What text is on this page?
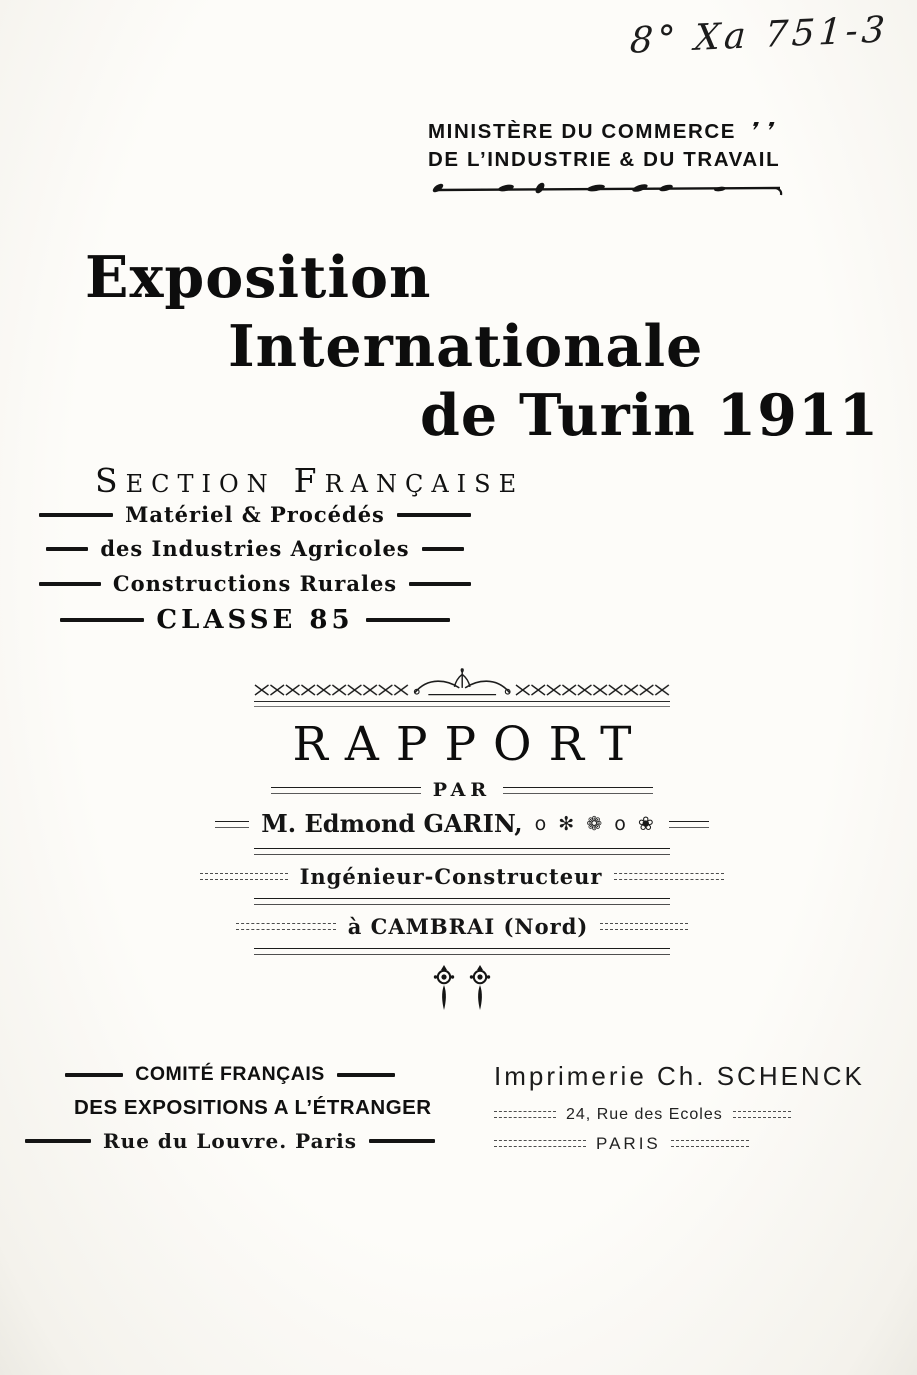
8° Xa 751-3
MINISTÈRE DU COMMERCE ❜❜
DE L’INDUSTRIE & DU TRAVAIL
Exposition
Internationale
de Turin 1911
SECTION FRANÇAISE
Matériel & Procédés
des Industries Agricoles
Constructions Rurales
CLASSE 85
RAPPORT
PAR
M. Edmond GARIN, o ✻ ❁ o ❀
Ingénieur-Constructeur
à CAMBRAI (Nord)
COMITÉ FRANÇAIS
DES EXPOSITIONS A L’ÉTRANGER
Rue du Louvre. Paris
Imprimerie Ch. SCHENCK
24, Rue des Ecoles
PARIS
